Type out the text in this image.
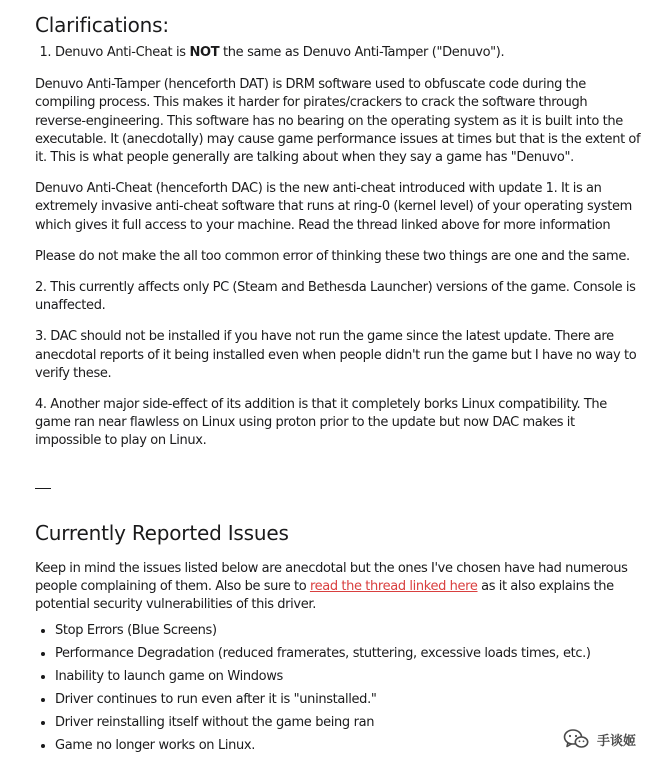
Clarifications:
1. Denuvo Anti-Cheat is NOT the same as Denuvo Anti-Tamper ("Denuvo").

Denuvo Anti-Tamper (henceforth DAT) is DRM software used to obfuscate code during the compiling process. This makes it harder for pirates/crackers to crack the software through reverse-engineering. This software has no bearing on the operating system as it is built into the executable. It (anecdotally) may cause game performance issues at times but that is the extent of it. This is what people generally are talking about when they say a game has "Denuvo".

Denuvo Anti-Cheat (henceforth DAC) is the new anti-cheat introduced with update 1. It is an extremely invasive anti-cheat software that runs at ring-0 (kernel level) of your operating system which gives it full access to your machine. Read the thread linked above for more information

Please do not make the all too common error of thinking these two things are one and the same.

2. This currently affects only PC (Steam and Bethesda Launcher) versions of the game. Console is unaffected.

3. DAC should not be installed if you have not run the game since the latest update. There are anecdotal reports of it being installed even when people didn't run the game but I have no way to verify these.

4. Another major side-effect of its addition is that it completely borks Linux compatibility. The game ran near flawless on Linux using proton prior to the update but now DAC makes it impossible to play on Linux.

Currently Reported Issues

Keep in mind the issues listed below are anecdotal but the ones I've chosen have had numerous people complaining of them. Also be sure to read the thread linked here as it also explains the potential security vulnerabilities of this driver.

• Stop Errors (Blue Screens)
• Performance Degradation (reduced framerates, stuttering, excessive loads times, etc.)
• Inability to launch game on Windows
• Driver continues to run even after it is "uninstalled."
• Driver reinstalling itself without the game being ran
• Game no longer works on Linux.	手谈姬
